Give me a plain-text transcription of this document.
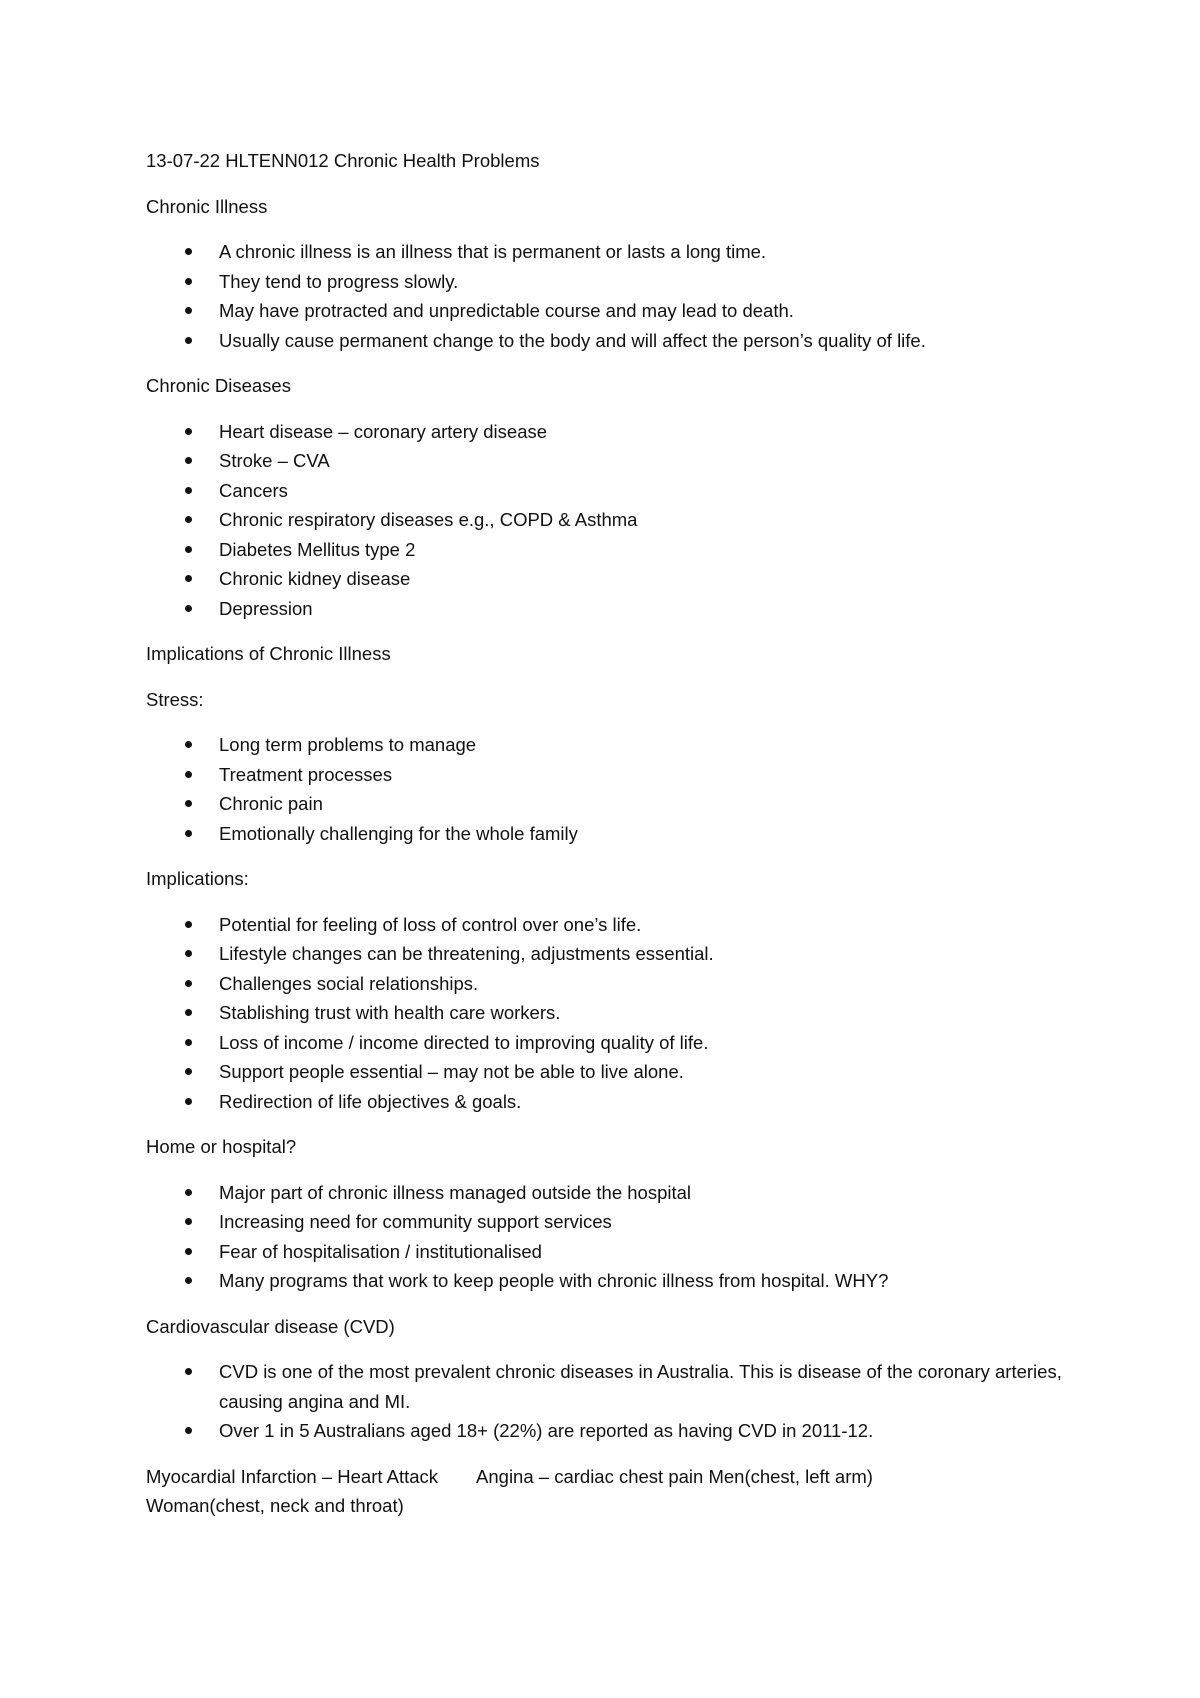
13-07-22 HLTENN012 Chronic Health Problems
Chronic Illness
A chronic illness is an illness that is permanent or lasts a long time.
They tend to progress slowly.
May have protracted and unpredictable course and may lead to death.
Usually cause permanent change to the body and will affect the person’s quality of life.
Chronic Diseases
Heart disease – coronary artery disease
Stroke – CVA
Cancers
Chronic respiratory diseases e.g., COPD & Asthma
Diabetes Mellitus type 2
Chronic kidney disease
Depression
Implications of Chronic Illness
Stress:
Long term problems to manage
Treatment processes
Chronic pain
Emotionally challenging for the whole family
Implications:
Potential for feeling of loss of control over one’s life.
Lifestyle changes can be threatening, adjustments essential.
Challenges social relationships.
Stablishing trust with health care workers.
Loss of income / income directed to improving quality of life.
Support people essential – may not be able to live alone.
Redirection of life objectives & goals.
Home or hospital?
Major part of chronic illness managed outside the hospital
Increasing need for community support services
Fear of hospitalisation / institutionalised
Many programs that work to keep people with chronic illness from hospital. WHY?
Cardiovascular disease (CVD)
CVD is one of the most prevalent chronic diseases in Australia. This is disease of the coronary arteries, causing angina and MI.
Over 1 in 5 Australians aged 18+ (22%) are reported as having CVD in 2011-12.
Myocardial Infarction – Heart Attack Angina – cardiac chest pain Men(chest, left arm)
Woman(chest, neck and throat)
